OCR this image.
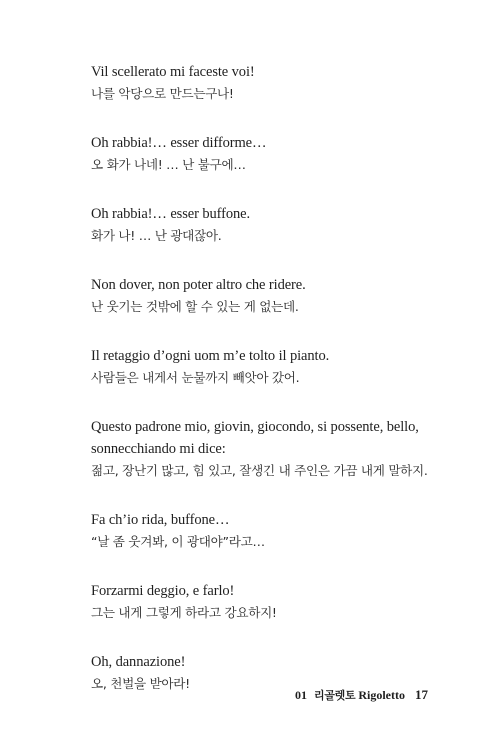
Vil scellerato mi faceste voi!
나를 악당으로 만드는구나!
Oh rabbia!… esser difforme…
오 화가 나네! … 난 불구에…
Oh rabbia!… esser buffone.
화가 나! … 난 광대잖아.
Non dover, non poter altro che ridere.
난 웃기는 것밖에 할 수 있는 게 없는데.
Il retaggio d’ogni uom m’e tolto il pianto.
사람들은 내게서 눈물까지 빼앗아 갔어.
Questo padrone mio, giovin, giocondo, si possente, bello,
sonnecchiando mi dice:
젊고, 장난기 많고, 힘 있고, 잘생긴 내 주인은 가끔 내게 말하지.
Fa ch’io rida, buffone…
“날 좀 웃겨봐, 이 광대야”라고…
Forzarmi deggio, e farlo!
그는 내게 그렇게 하라고 강요하지!
Oh, dannazione!
오, 천벌을 받아라!
01 리골렛토 Rigoletto 17
